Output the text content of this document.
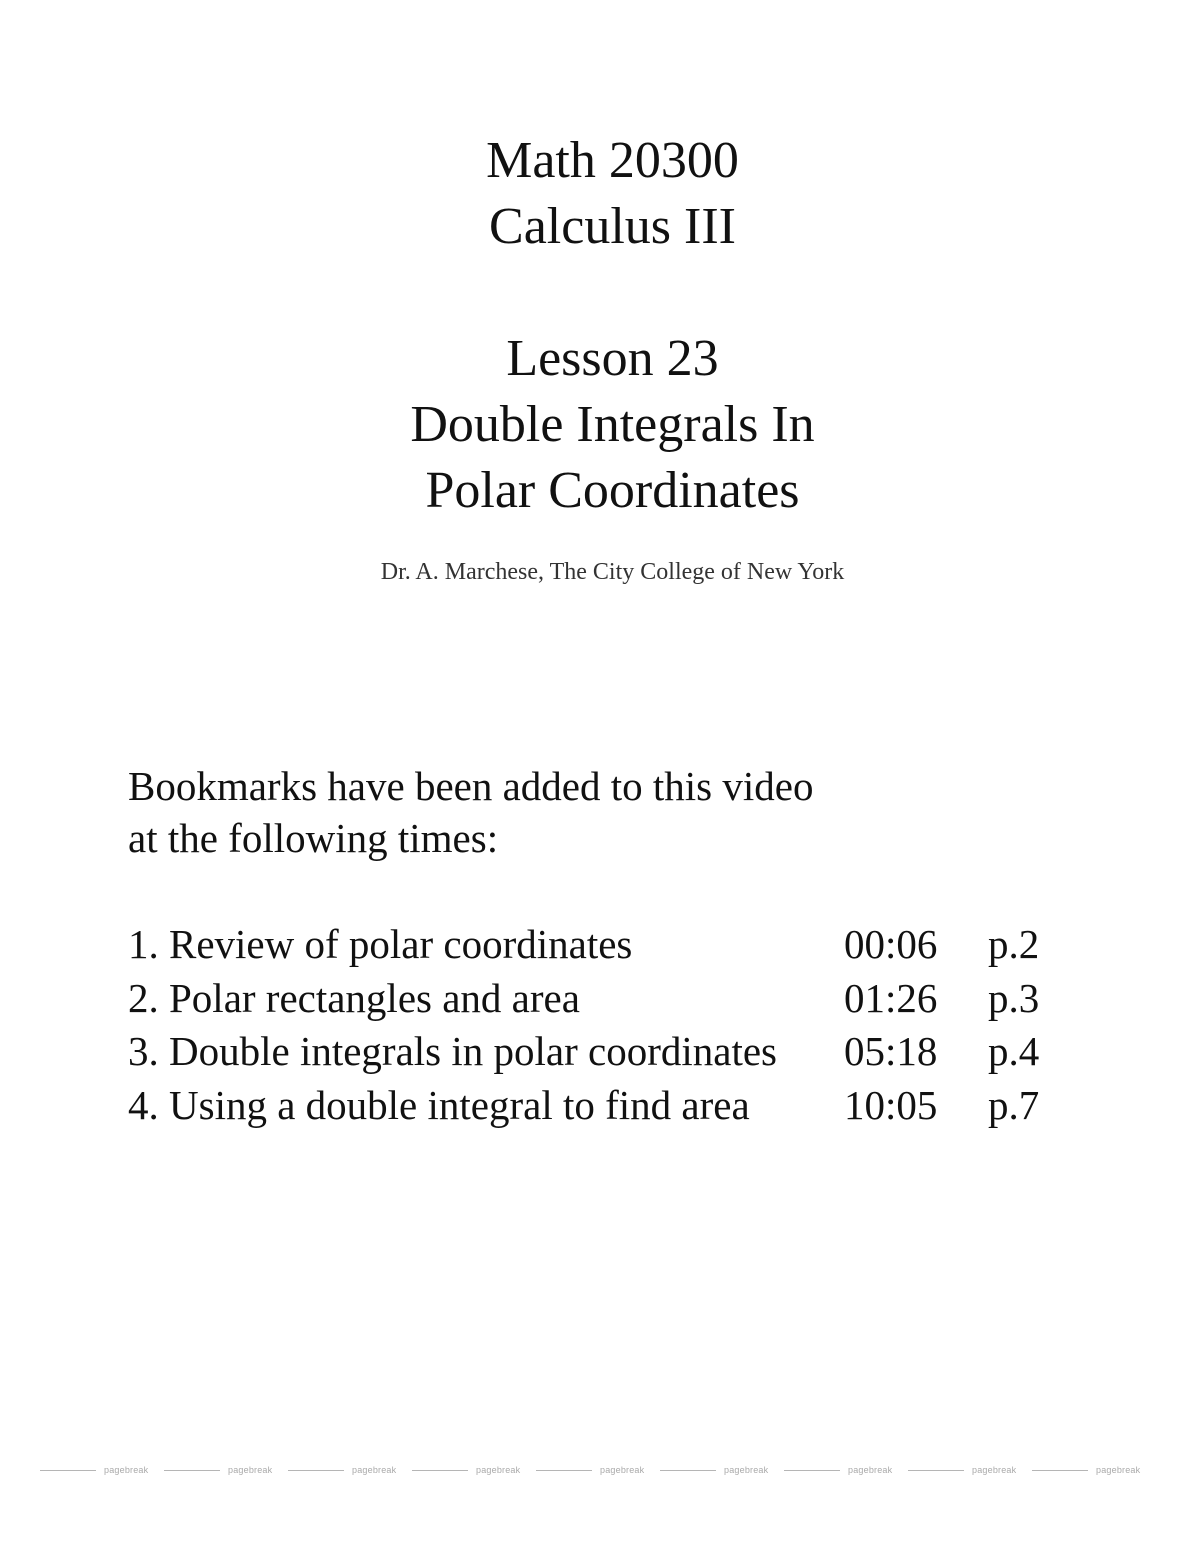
Math 20300

Calculus III

Lesson 23

Double Integrals In

Polar Coordinates

Dr. A. Marchese, The City College of New York
Bookmarks have been added to this video
at the following times:
1. Review of polar coordinates	00:06 p.2
2. Polar rectangles and area	01:26 p.3
3. Double integrals in polar coordinates 05:18 p.4
4. Using a double integral to find area 10:05 p.7
pagebreak	pagebreak	pagebreak	pagebreak	pagebreak	pagebreak	pagebreak	pagebreak	pagebreak
